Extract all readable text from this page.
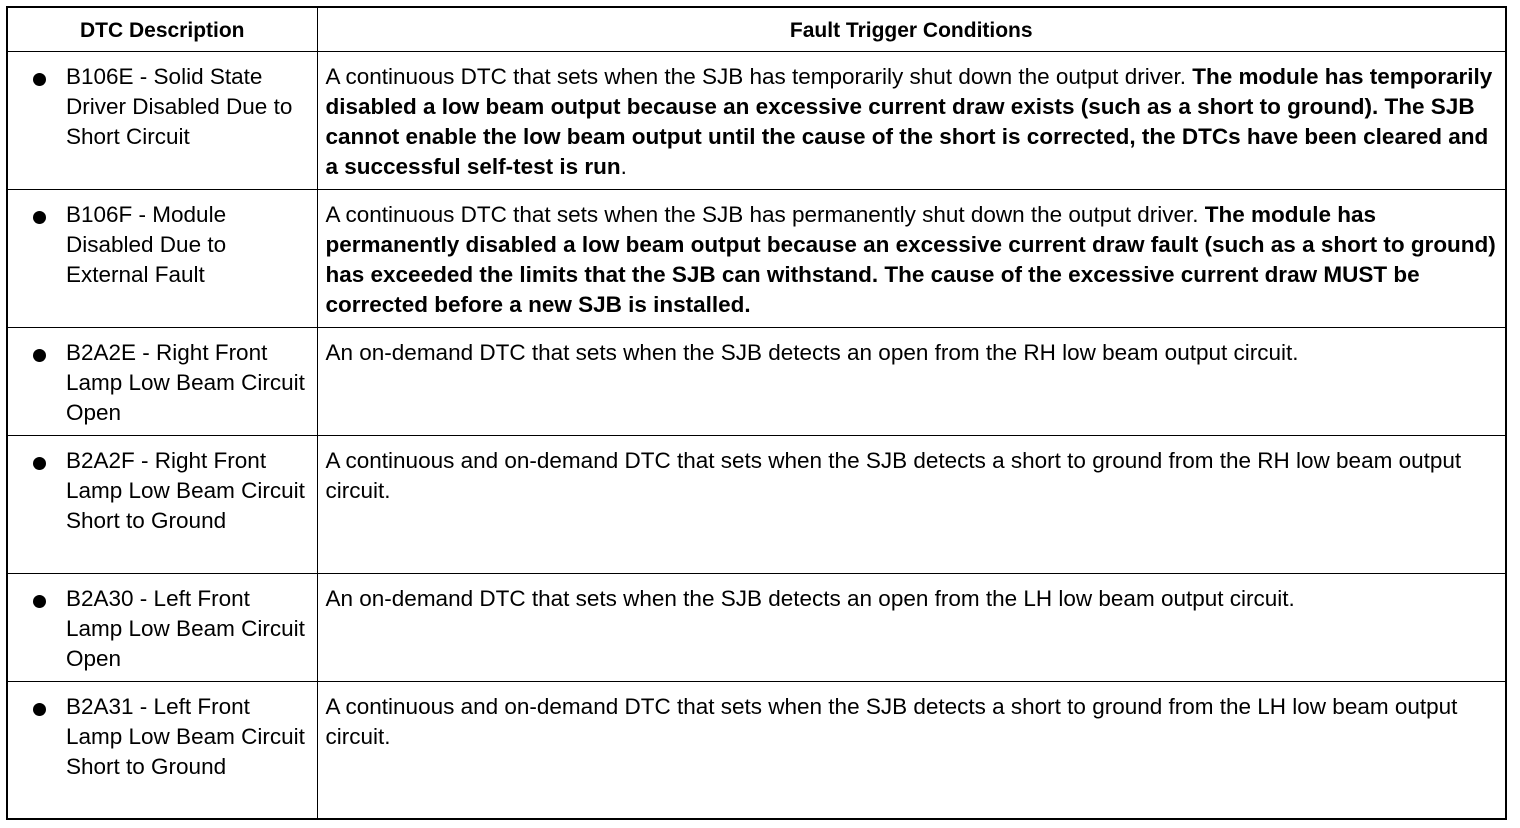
DTC Description	Fault Trigger Conditions

B106E - Solid State Driver Disabled Due to Short Circuit	A continuous DTC that sets when the SJB has temporarily shut down the output driver. The module has temporarily disabled a low beam output because an excessive current draw exists (such as a short to ground). The SJB cannot enable the low beam output until the cause of the short is corrected, the DTCs have been cleared and a successful self-test is run.

B106F - Module Disabled Due to External Fault	A continuous DTC that sets when the SJB has permanently shut down the output driver. The module has permanently disabled a low beam output because an excessive current draw fault (such as a short to ground) has exceeded the limits that the SJB can withstand. The cause of the excessive current draw MUST be corrected before a new SJB is installed.

B2A2E - Right Front Lamp Low Beam Circuit Open	An on-demand DTC that sets when the SJB detects an open from the RH low beam output circuit.

B2A2F - Right Front Lamp Low Beam Circuit Short to Ground	A continuous and on-demand DTC that sets when the SJB detects a short to ground from the RH low beam output circuit.

B2A30 - Left Front Lamp Low Beam Circuit Open	An on-demand DTC that sets when the SJB detects an open from the LH low beam output circuit.

B2A31 - Left Front Lamp Low Beam Circuit Short to Ground	A continuous and on-demand DTC that sets when the SJB detects a short to ground from the LH low beam output circuit.
